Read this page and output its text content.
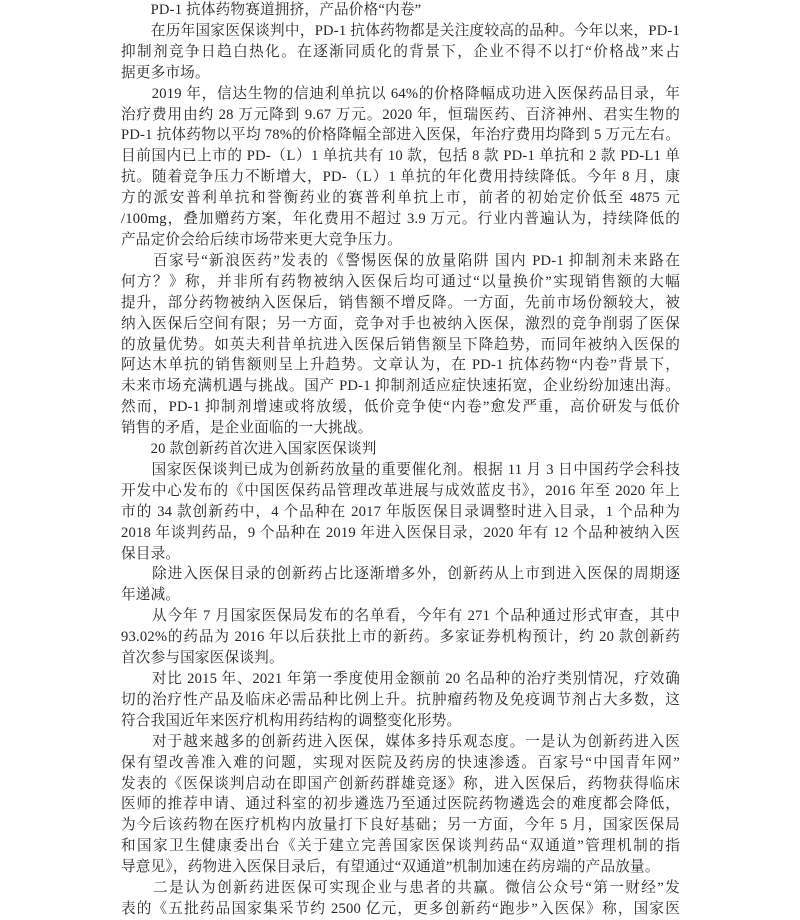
　　PD-1 抗体药物赛道拥挤，产品价格“内卷”
　　在历年国家医保谈判中，PD-1 抗体药物都是关注度较高的品种。今年以来，PD-1
抑制剂竞争日趋白热化。在逐渐同质化的背景下，企业不得不以打“价格战”来占
据更多市场。
　　2019 年，信达生物的信迪利单抗以 64%的价格降幅成功进入医保药品目录，年
治疗费用由约 28 万元降到 9.67 万元。2020 年，恒瑞医药、百济神州、君实生物的
PD-1 抗体药物以平均 78%的价格降幅全部进入医保，年治疗费用均降到 5 万元左右。
目前国内已上市的 PD-（L）1 单抗共有 10 款，包括 8 款 PD-1 单抗和 2 款 PD-L1 单
抗。随着竞争压力不断增大，PD-（L）1 单抗的年化费用持续降低。今年 8 月，康
方的派安普利单抗和誉衡药业的赛普利单抗上市，前者的初始定价低至 4875 元
/100mg，叠加赠药方案，年化费用不超过 3.9 万元。行业内普遍认为，持续降低的
产品定价会给后续市场带来更大竞争压力。
　　百家号“新浪医药”发表的《警惕医保的放量陷阱 国内 PD-1 抑制剂未来路在
何方？》称，并非所有药物被纳入医保后均可通过“以量换价”实现销售额的大幅
提升，部分药物被纳入医保后，销售额不增反降。一方面，先前市场份额较大，被
纳入医保后空间有限；另一方面，竞争对手也被纳入医保，激烈的竞争削弱了医保
的放量优势。如英夫利昔单抗进入医保后销售额呈下降趋势，而同年被纳入医保的
阿达木单抗的销售额则呈上升趋势。文章认为，在 PD-1 抗体药物“内卷”背景下，
未来市场充满机遇与挑战。国产 PD-1 抑制剂适应症快速拓宽，企业纷纷加速出海。
然而，PD-1 抑制剂增速或将放缓，低价竞争使“内卷”愈发严重，高价研发与低价
销售的矛盾，是企业面临的一大挑战。
　　20 款创新药首次进入国家医保谈判
　　国家医保谈判已成为创新药放量的重要催化剂。根据 11 月 3 日中国药学会科技
开发中心发布的《中国医保药品管理改革进展与成效蓝皮书》，2016 年至 2020 年上
市的 34 款创新药中，4 个品种在 2017 年版医保目录调整时进入目录，1 个品种为
2018 年谈判药品，9 个品种在 2019 年进入医保目录，2020 年有 12 个品种被纳入医
保目录。
　　除进入医保目录的创新药占比逐渐增多外，创新药从上市到进入医保的周期逐
年递减。
　　从今年 7 月国家医保局发布的名单看，今年有 271 个品种通过形式审查，其中
93.02%的药品为 2016 年以后获批上市的新药。多家证券机构预计，约 20 款创新药
首次参与国家医保谈判。
　　对比 2015 年、2021 年第一季度使用金额前 20 名品种的治疗类别情况，疗效确
切的治疗性产品及临床必需品种比例上升。抗肿瘤药物及免疫调节剂占大多数，这
符合我国近年来医疗机构用药结构的调整变化形势。
　　对于越来越多的创新药进入医保，媒体多持乐观态度。一是认为创新药进入医
保有望改善准入难的问题，实现对医院及药房的快速渗透。百家号“中国青年网”
发表的《医保谈判启动在即国产创新药群雄竞逐》称，进入医保后，药物获得临床
医师的推荐申请、通过科室的初步遴选乃至通过医院药物遴选会的难度都会降低，
为今后该药物在医疗机构内放量打下良好基础；另一方面，今年 5 月，国家医保局
和国家卫生健康委出台《关于建立完善国家医保谈判药品“双通道”管理机制的指
导意见》，药物进入医保目录后，有望通过“双通道”机制加速在药房端的产品放量。
　　二是认为创新药进医保可实现企业与患者的共赢。微信公众号“第一财经”发
表的《五批药品国家集采节约 2500 亿元，更多创新药“跑步”入医保》称，国家医
